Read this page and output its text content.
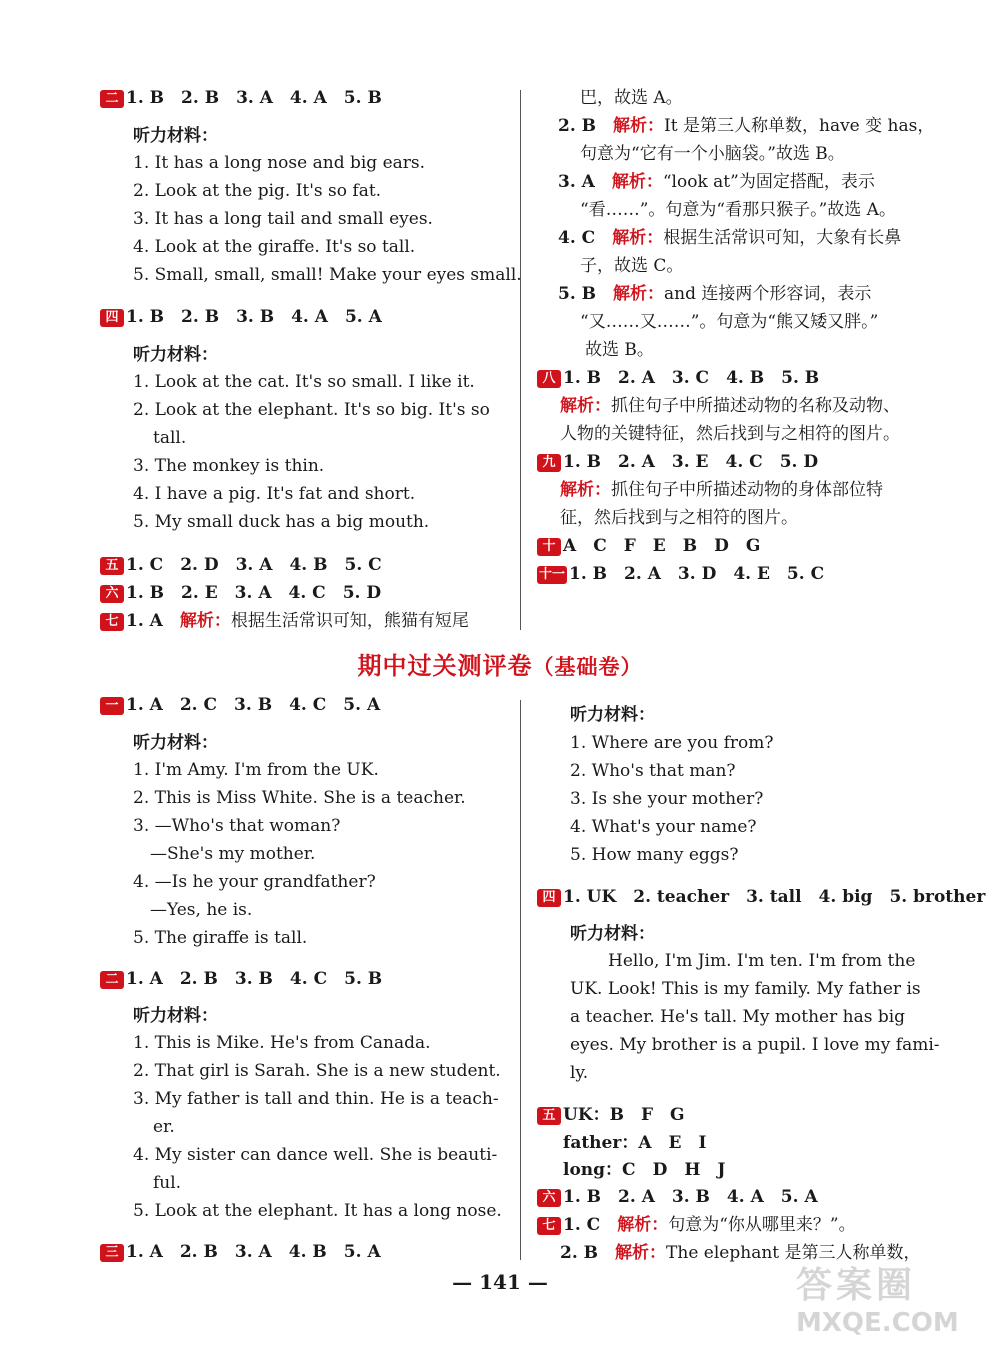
二 1. B　2. B　3. A　4. A　5. B
听力材料：
1. It has a long nose and big ears.
2. Look at the pig. It's so fat.
3. It has a long tail and small eyes.
4. Look at the giraffe. It's so tall.
5. Small, small, small! Make your eyes small.
四 1. B　2. B　3. B　4. A　5. A
听力材料：
1. Look at the cat. It's so small. I like it.
2. Look at the elephant. It's so big. It's so
tall.
3. The monkey is thin.
4. I have a pig. It's fat and short.
5. My small duck has a big mouth.
五 1. C　2. D　3. A　4. B　5. C
六 1. B　2. E　3. A　4. C　5. D
七 1. A　 解析：根据生活常识可知，熊猫有短尾
巴，故选 A。
2. B　 解析：It 是第三人称单数，have 变 has，
句意为“它有一个小脑袋。”故选 B。
3. A　 解析：“look at”为固定搭配，表示
“看……”。句意为“看那只猴子。”故选 A。
4. C　 解析：根据生活常识可知，大象有长鼻
子，故选 C。
5. B　 解析：and 连接两个形容词，表示
“又……又……”。句意为“熊又矮又胖。”
故选 B。
八 1. B　2. A　3. C　4. B　5. B
解析：抓住句子中所描述动物的名称及动物、
人物的关键特征，然后找到与之相符的图片。
九 1. B　2. A　3. E　4. C　5. D
解析：抓住句子中所描述动物的身体部位特
征，然后找到与之相符的图片。
十 A　C　F　E　B　D　G
十一 1. B　2. A　3. D　4. E　5. C
期中过关测评卷（基础卷）
一 1. A　2. C　3. B　4. C　5. A
听力材料：
1. I'm Amy. I'm from the UK.
2. This is Miss White. She is a teacher.
3. —Who's that woman?
　—She's my mother.
4. —Is he your grandfather?
　—Yes, he is.
5. The giraffe is tall.
二 1. A　2. B　3. B　4. C　5. B
听力材料：
1. This is Mike. He's from Canada.
2. That girl is Sarah. She is a new student.
3. My father is tall and thin. He is a teach-
er.
4. My sister can dance well. She is beauti-
ful.
5. Look at the elephant. It has a long nose.
三 1. A　2. B　3. A　4. B　5. A
听力材料：
1. Where are you from?
2. Who's that man?
3. Is she your mother?
4. What's your name?
5. How many eggs?
四 1. UK　2. teacher　3. tall　4. big　5. brother
听力材料：
Hello, I'm Jim. I'm ten. I'm from the
UK. Look! This is my family. My father is
a teacher. He's tall. My mother has big
eyes. My brother is a pupil. I love my fami-
ly.
五 UK：B　F　G
father：A　E　I
long：C　D　H　J
六 1. B　2. A　3. B　4. A　5. A
七 1. C　 解析：句意为“你从哪里来？”。
2. B　 解析：The elephant 是第三人称单数，
— 141 —	答案圈
MXQE.COM
